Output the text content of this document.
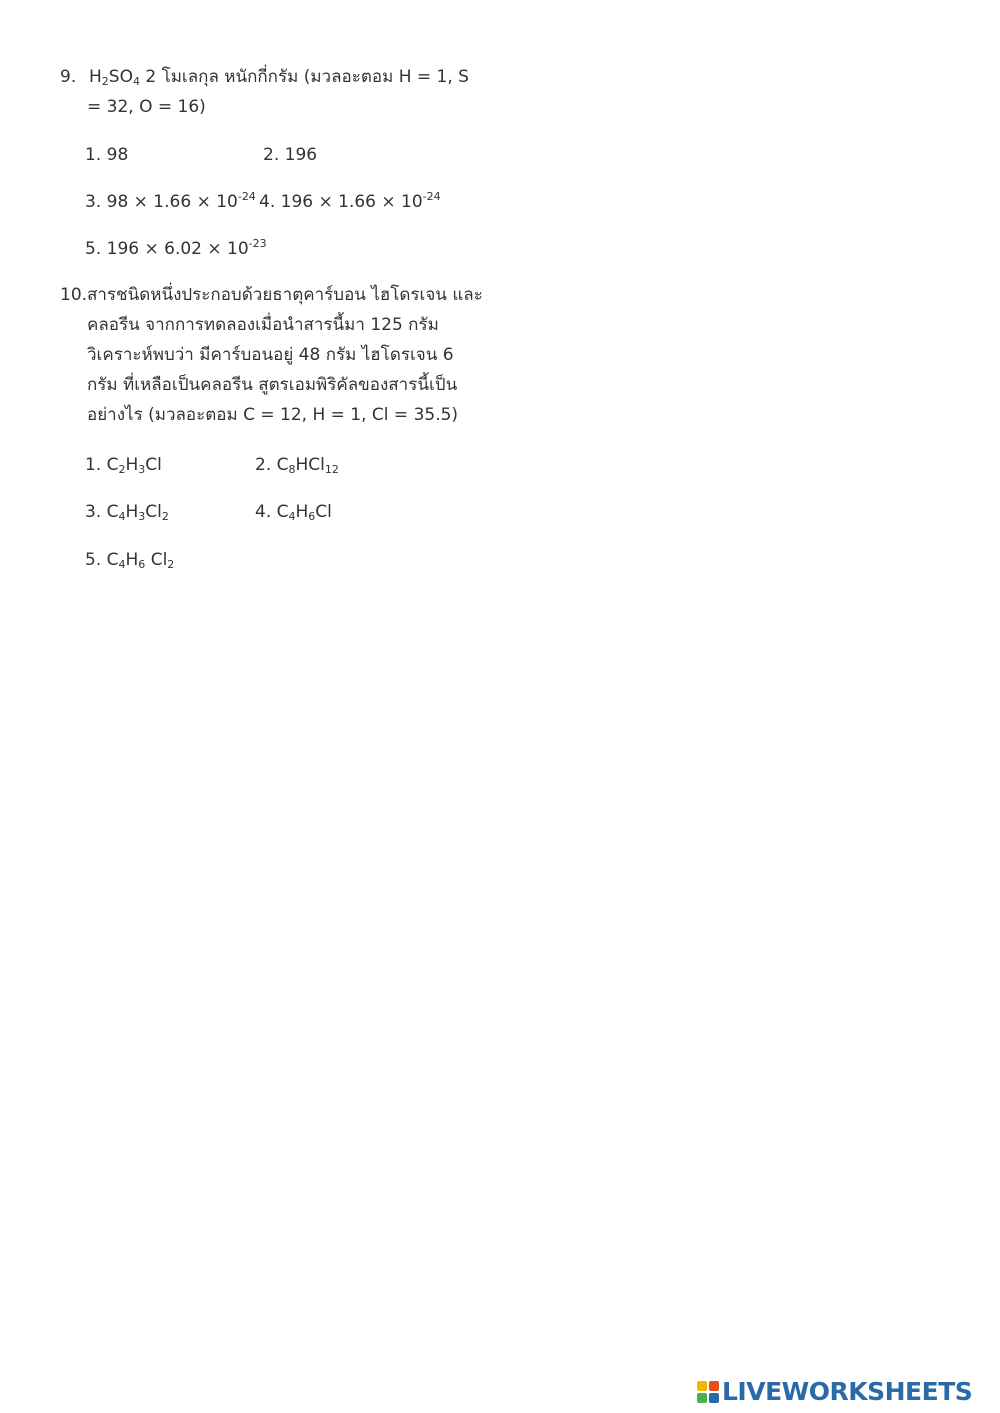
9. $H_2SO_4$ 2 โมเลกุล หนักกี่กรัม (มวลอะตอม H = 1, S
= 32, O = 16)
1. 98	2. 196
3. $98 \times 1.66 \times 10^{-24}$ 4. $196 \times 1.66 \times 10^{-24}$
5. $196 \times 6.02 \times 10^{-23}$
10. สารชนิดหนึ่งประกอบด้วยธาตุคาร์บอน ไฮโดรเจน และ
คลอรีน จากการทดลองเมื่อนำสารนี้มา 125 กรัม
วิเคราะห์พบว่า มีคาร์บอนอยู่ 48 กรัม ไฮโดรเจน 6
กรัม ที่เหลือเป็นคลอรีน สูตรเอมพิริคัลของสารนี้เป็น
อย่างไร (มวลอะตอม C = 12, H = 1, Cl = 35.5)
1. $C_2H_3Cl$	2. $C_8HCl_{12}$
3. $C_4H_3Cl_2$	4. $C_4H_6Cl$
5. $C_4H_6$ $Cl_2$
LIVEWORKSHEETS
